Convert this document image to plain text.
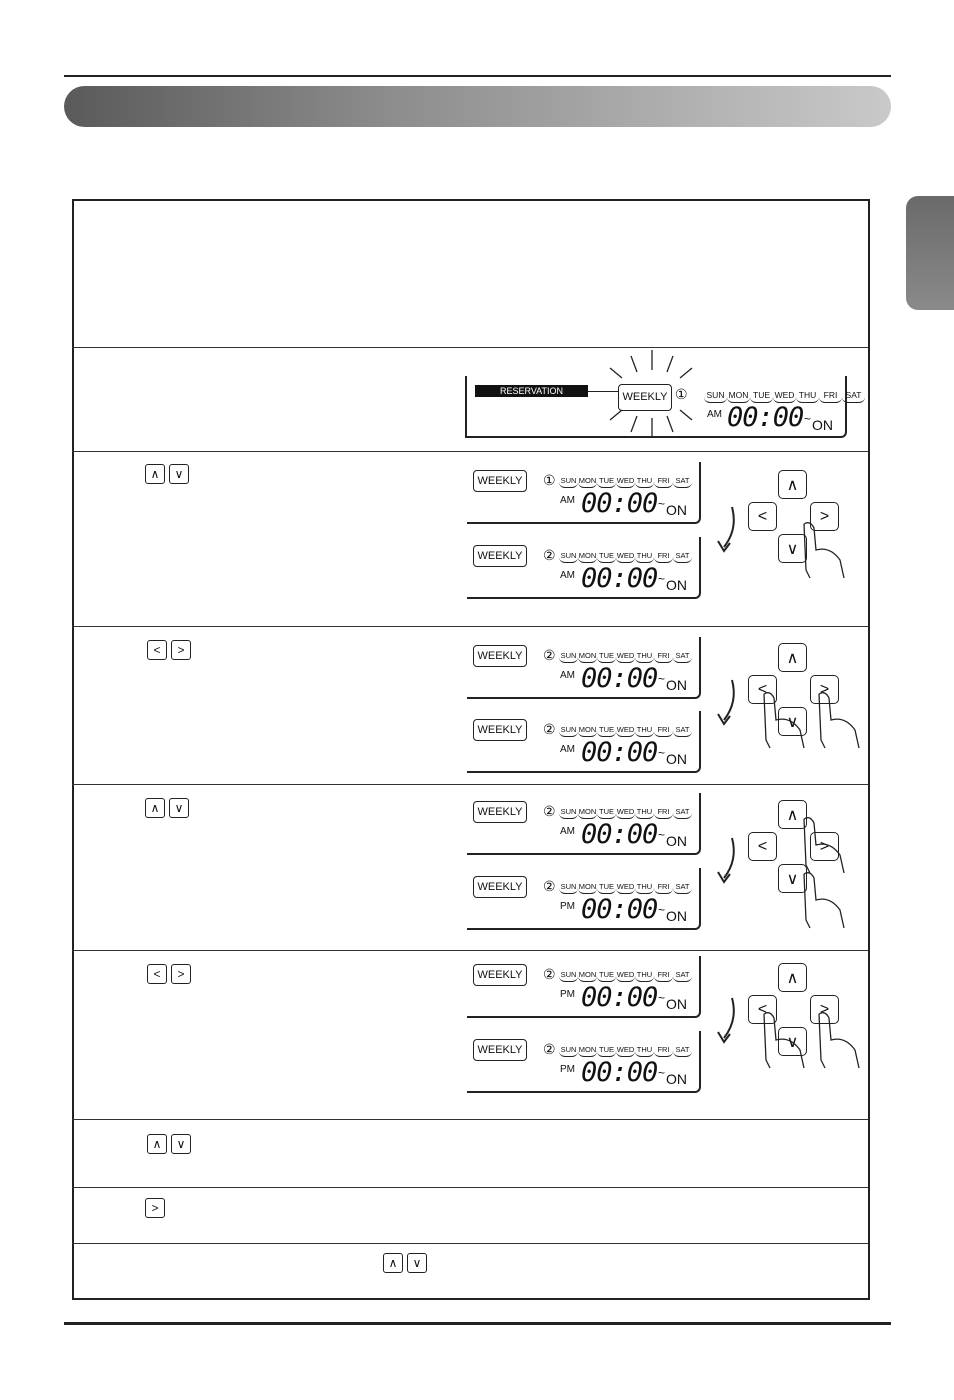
∧	∨
<	>
∧	∨
<	>
∧	∨
>
∧	∨
RESERVATION	WEEKLY ① SUN MON TUE WED THU FRI SAT
AM 00:00 ~ ON
WEEKLY	① SUN MON TUE WED THU FRI SAT
AM 00:00 ~ ON
WEEKLY	② SUN MON TUE WED THU FRI SAT
AM 00:00 ~ ON
WEEKLY	② SUN MON TUE WED THU FRI SAT
AM 00:00 ~ ON
WEEKLY	② SUN MON TUE WED THU FRI SAT
AM 00:00 ~ ON
WEEKLY	② SUN MON TUE WED THU FRI SAT
AM 00:00 ~ ON
WEEKLY	② SUN MON TUE WED THU FRI SAT
PM 00:00 ~ ON
WEEKLY	② SUN MON TUE WED THU FRI SAT
PM 00:00 ~ ON
WEEKLY	② SUN MON TUE WED THU FRI SAT
PM 00:00 ~ ON
∧
<	>
∨
∧
<	>
∨
∧
<	>
∨
∧
<	>
∨
